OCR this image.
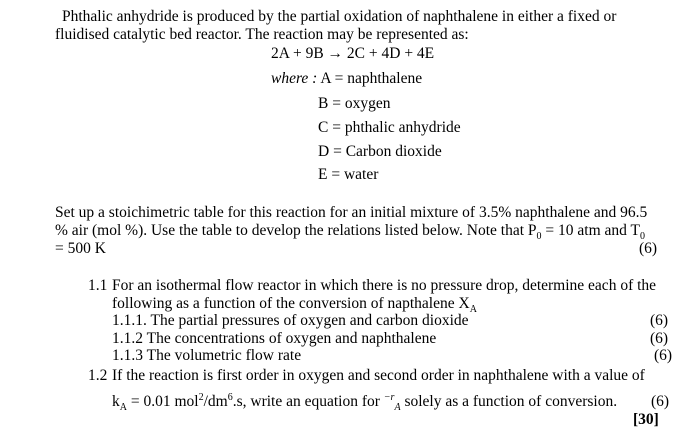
Phthalic anhydride is produced by the partial oxidation of naphthalene in either a fixed or
fluidised catalytic bed reactor. The reaction may be represented as:
2A + 9B → 2C + 4D + 4E
where : A = naphthalene
B = oxygen
C = phthalic anhydride
D = Carbon dioxide
E = water
Set up a stoichimetric table for this reaction for an initial mixture of 3.5% naphthalene and 96.5
% air (mol %). Use the table to develop the relations listed below. Note that $P_0 = 10$ atm and $T_0$
= 500 K	(6)
1.1 For an isothermal flow reactor in which there is no pressure drop, determine each of the
following as a function of the conversion of napthalene $X_A$
1.1.1. The partial pressures of oxygen and carbon dioxide	(6)
1.1.2 The concentrations of oxygen and naphthalene	(6)
1.1.3 The volumetric flow rate	(6)
1.2 If the reaction is first order in oxygen and second order in naphthalene with a value of
$k_A = 0.01$ $mol^2/dm^6.s$, write an equation for $^{-r}_A$ solely as a function of conversion. (6)
[30]
